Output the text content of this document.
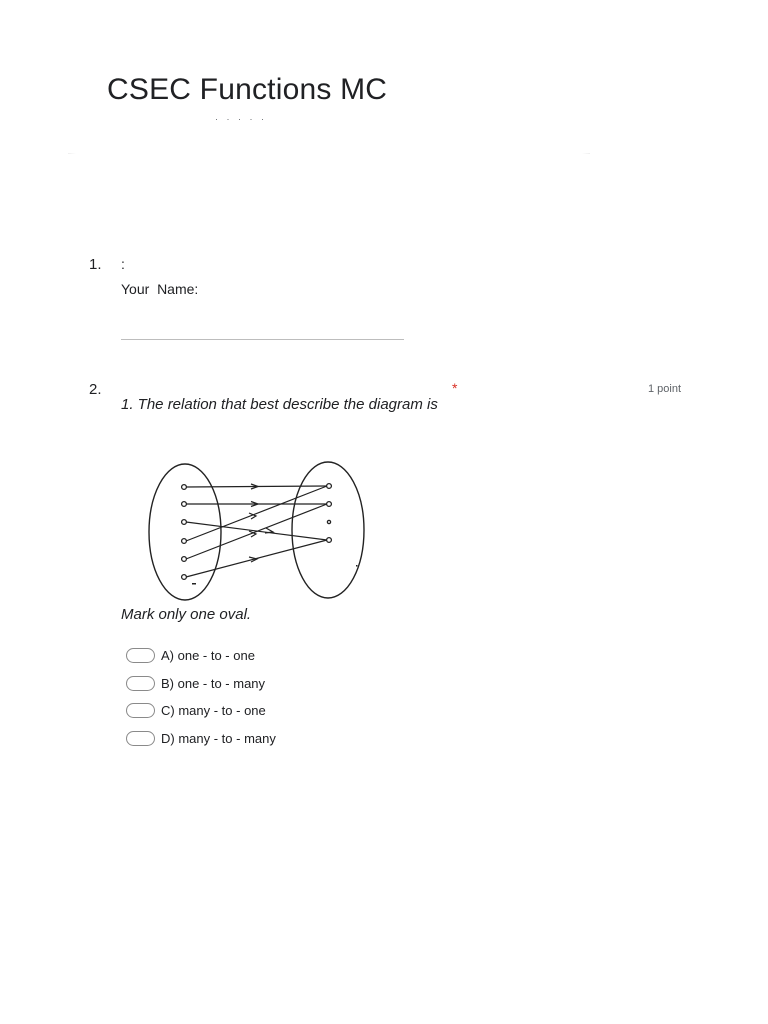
CSEC Functions MC
· · · · ·
1. :
Your  Name:
2.	*	1 point
1. The relation that best describe the diagram is
Mark only one oval.
A) one - to - one
B) one - to - many
C) many - to - one
D) many - to - many
